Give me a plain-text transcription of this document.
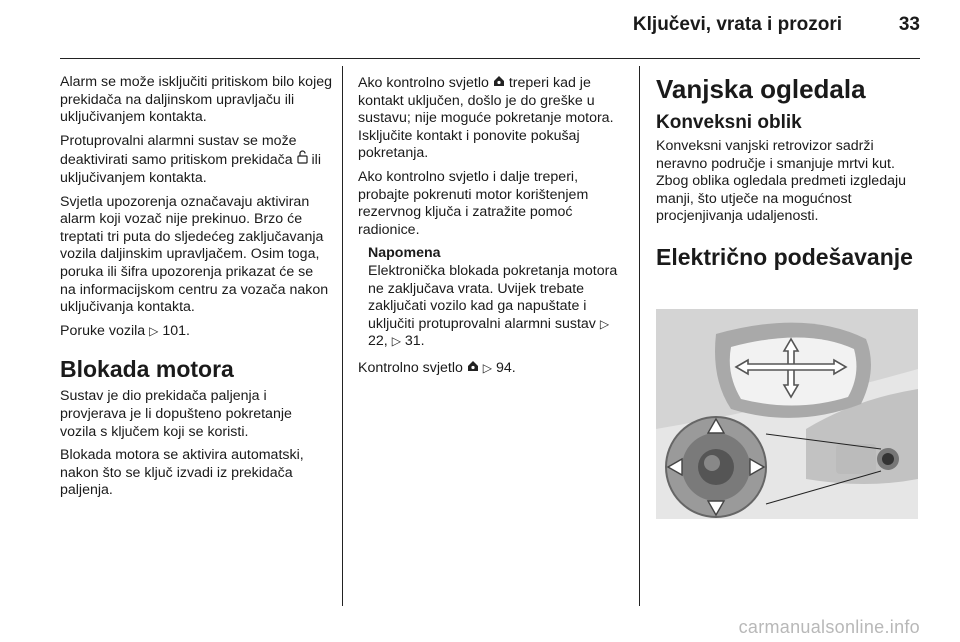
Ključevi, vrata i prozori	33

Alarm se može isključiti pritiskom bilo kojeg prekidača na daljinskom upravljaču ili uključivanjem kontakta.

Protuprovalni alarmni sustav se može deaktivirati samo pritiskom prekidača ili uključivanjem kontakta.

Svjetla upozorenja označavaju aktiviran alarm koji vozač nije prekinuo. Brzo će treptati tri puta do sljedećeg zaključavanja vozila daljinskim upravljačem. Osim toga, poruka ili šifra upozorenja prikazat će se na informacijskom centru za vozača nakon uključivanja kontakta.

Poruke vozila ▷ 101.

Blokada motora

Sustav je dio prekidača paljenja i provjerava je li dopušteno pokretanje vozila s ključem koji se koristi.

Blokada motora se aktivira automatski, nakon što se ključ izvadi iz prekidača paljenja.

Ako kontrolno svjetlo treperi kad je kontakt uključen, došlo je do greške u sustavu; nije moguće pokretanje motora. Isključite kontakt i ponovite pokušaj pokretanja.

Ako kontrolno svjetlo i dalje treperi, probajte pokrenuti motor korištenjem rezervnog ključa i zatražite pomoć radionice.

Napomena
Elektronička blokada pokretanja motora ne zaključava vrata. Uvijek trebate zaključati vozilo kad ga napuštate i uključiti protuprovalni alarmni sustav ▷ 22, ▷ 31.

Kontrolno svjetlo ▷ 94.

Vanjska ogledala
Konveksni oblik

Konveksni vanjski retrovizor sadrži neravno područje i smanjuje mrtvi kut. Zbog oblika ogledala predmeti izgledaju manji, što utječe na mogućnost procjenjivanja udaljenosti.

Električno podešavanje
carmanualsonline.info
